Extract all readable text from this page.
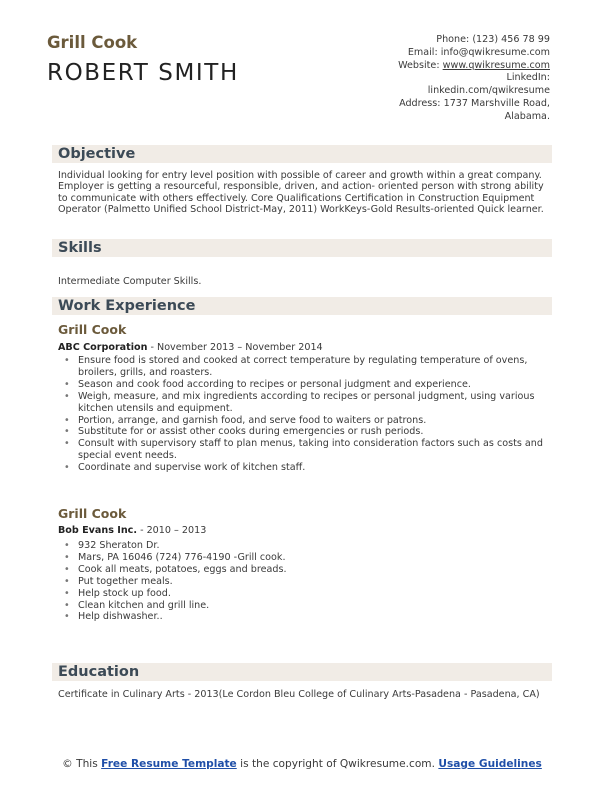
Grill Cook
ROBERT SMITH
Phone: (123) 456 78 99
Email: info@qwikresume.com
Website: www.qwikresume.com
LinkedIn:
linkedin.com/qwikresume
Address: 1737 Marshville Road,
Alabama.
Objective
Individual looking for entry level position with possible of career and growth within a great company. Employer is getting a resourceful, responsible, driven, and action- oriented person with strong ability to communicate with others effectively. Core Qualifications Certification in Construction Equipment Operator (Palmetto Unified School District-May, 2011) WorkKeys-Gold Results-oriented Quick learner.
Skills
Intermediate Computer Skills.
Work Experience
Grill Cook
ABC Corporation - November 2013 – November 2014
• Ensure food is stored and cooked at correct temperature by regulating temperature of ovens, broilers, grills, and roasters.
• Season and cook food according to recipes or personal judgment and experience.
• Weigh, measure, and mix ingredients according to recipes or personal judgment, using various kitchen utensils and equipment.
• Portion, arrange, and garnish food, and serve food to waiters or patrons.
• Substitute for or assist other cooks during emergencies or rush periods.
• Consult with supervisory staff to plan menus, taking into consideration factors such as costs and special event needs.
• Coordinate and supervise work of kitchen staff.
Grill Cook
Bob Evans Inc. - 2010 – 2013
• 932 Sheraton Dr.
• Mars, PA 16046 (724) 776-4190 -Grill cook.
• Cook all meats, potatoes, eggs and breads.
• Put together meals.
• Help stock up food.
• Clean kitchen and grill line.
• Help dishwasher..
Education
Certificate in Culinary Arts - 2013(Le Cordon Bleu College of Culinary Arts-Pasadena - Pasadena, CA)
© This Free Resume Template is the copyright of Qwikresume.com. Usage Guidelines
